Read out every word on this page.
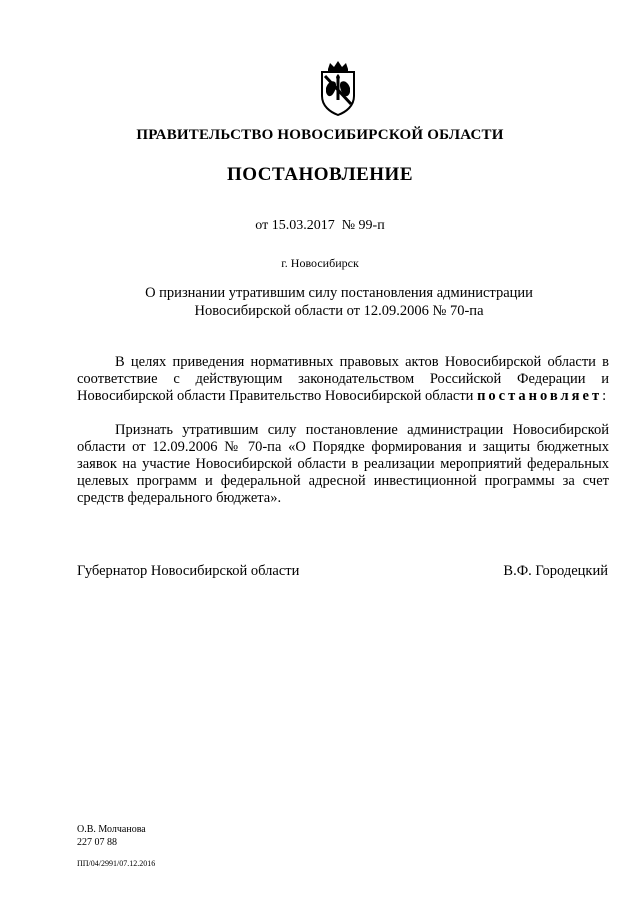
ПРАВИТЕЛЬСТВО НОВОСИБИРСКОЙ ОБЛАСТИ
ПОСТАНОВЛЕНИЕ
от 15.03.2017  № 99-п
г. Новосибирск
О признании утратившим силу постановления администрации
Новосибирской области от 12.09.2006 № 70-па
В целях приведения нормативных правовых актов Новосибирской области в соответствие с действующим законодательством Российской Федерации и Новосибирской области Правительство Новосибирской области постановляет:
Признать утратившим силу постановление администрации Новосибирской области от 12.09.2006 № 70-па «О Порядке формирования и защиты бюджетных заявок на участие Новосибирской области в реализации мероприятий федеральных целевых программ и федеральной адресной инвестиционной программы за счет средств федерального бюджета».
Губернатор Новосибирской области	В.Ф. Городецкий
О.В. Молчанова
227 07 88
ПП/04/2991/07.12.2016
